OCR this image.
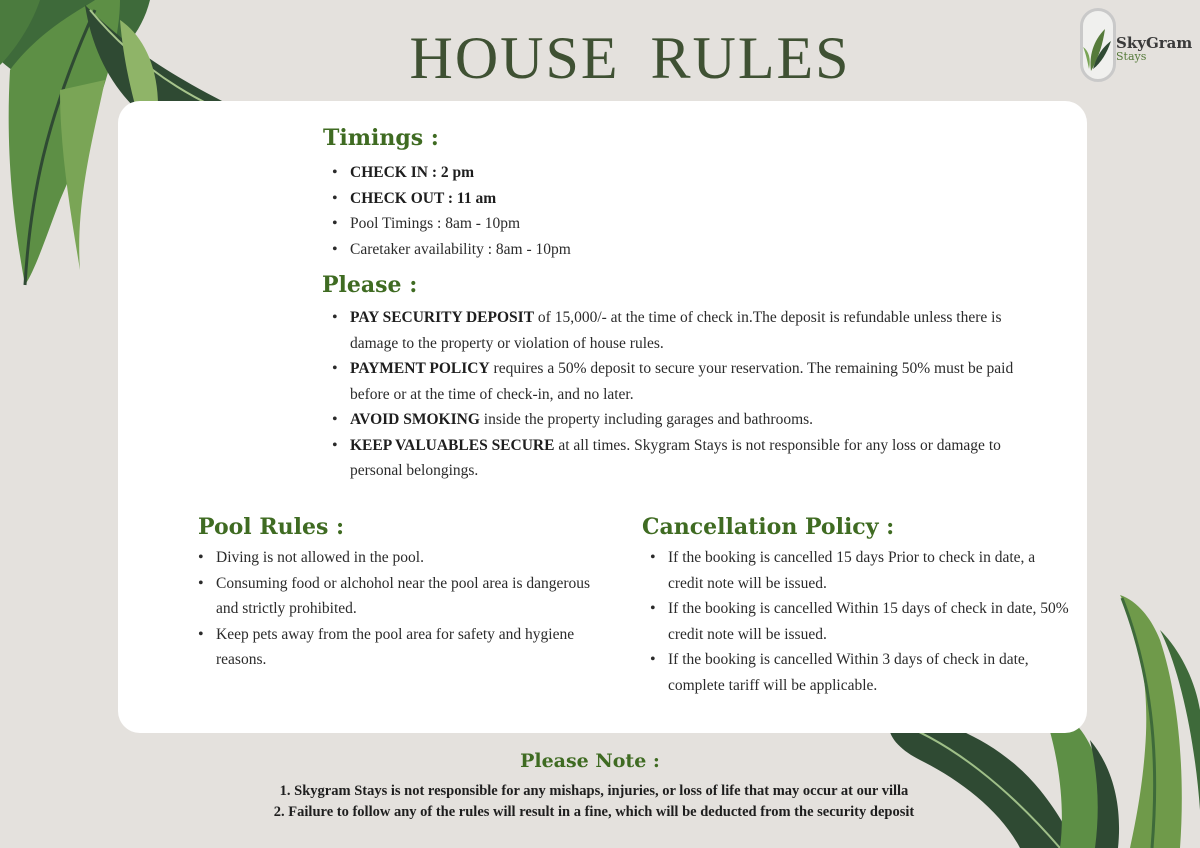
HOUSE RULES	SkyGram
Stays
Timings :
• CHECK IN : 2 pm
• CHECK OUT : 11 am
• Pool Timings : 8am - 10pm
• Caretaker availability : 8am - 10pm
Please :
• PAY SECURITY DEPOSIT of 15,000/- at the time of check in.The deposit is refundable unless there is damage to the property or violation of house rules.
• PAYMENT POLICY requires a 50% deposit to secure your reservation. The remaining 50% must be paid before or at the time of check-in, and no later.
• AVOID SMOKING inside the property including garages and bathrooms.
• KEEP VALUABLES SECURE at all times. Skygram Stays is not responsible for any loss or damage to personal belongings.
Pool Rules :
• Diving is not allowed in the pool.
• Consuming food or alchohol near the pool area is dangerous and strictly prohibited.
• Keep pets away from the pool area for safety and hygiene reasons.
Cancellation Policy :
• If the booking is cancelled 15 days Prior to check in date, a credit note will be issued.
• If the booking is cancelled Within 15 days of check in date, 50% credit note will be issued.
• If the booking is cancelled Within 3 days of check in date, complete tariff will be applicable.
Please Note :
1. Skygram Stays is not responsible for any mishaps, injuries, or loss of life that may occur at our villa
2. Failure to follow any of the rules will result in a fine, which will be deducted from the security deposit
